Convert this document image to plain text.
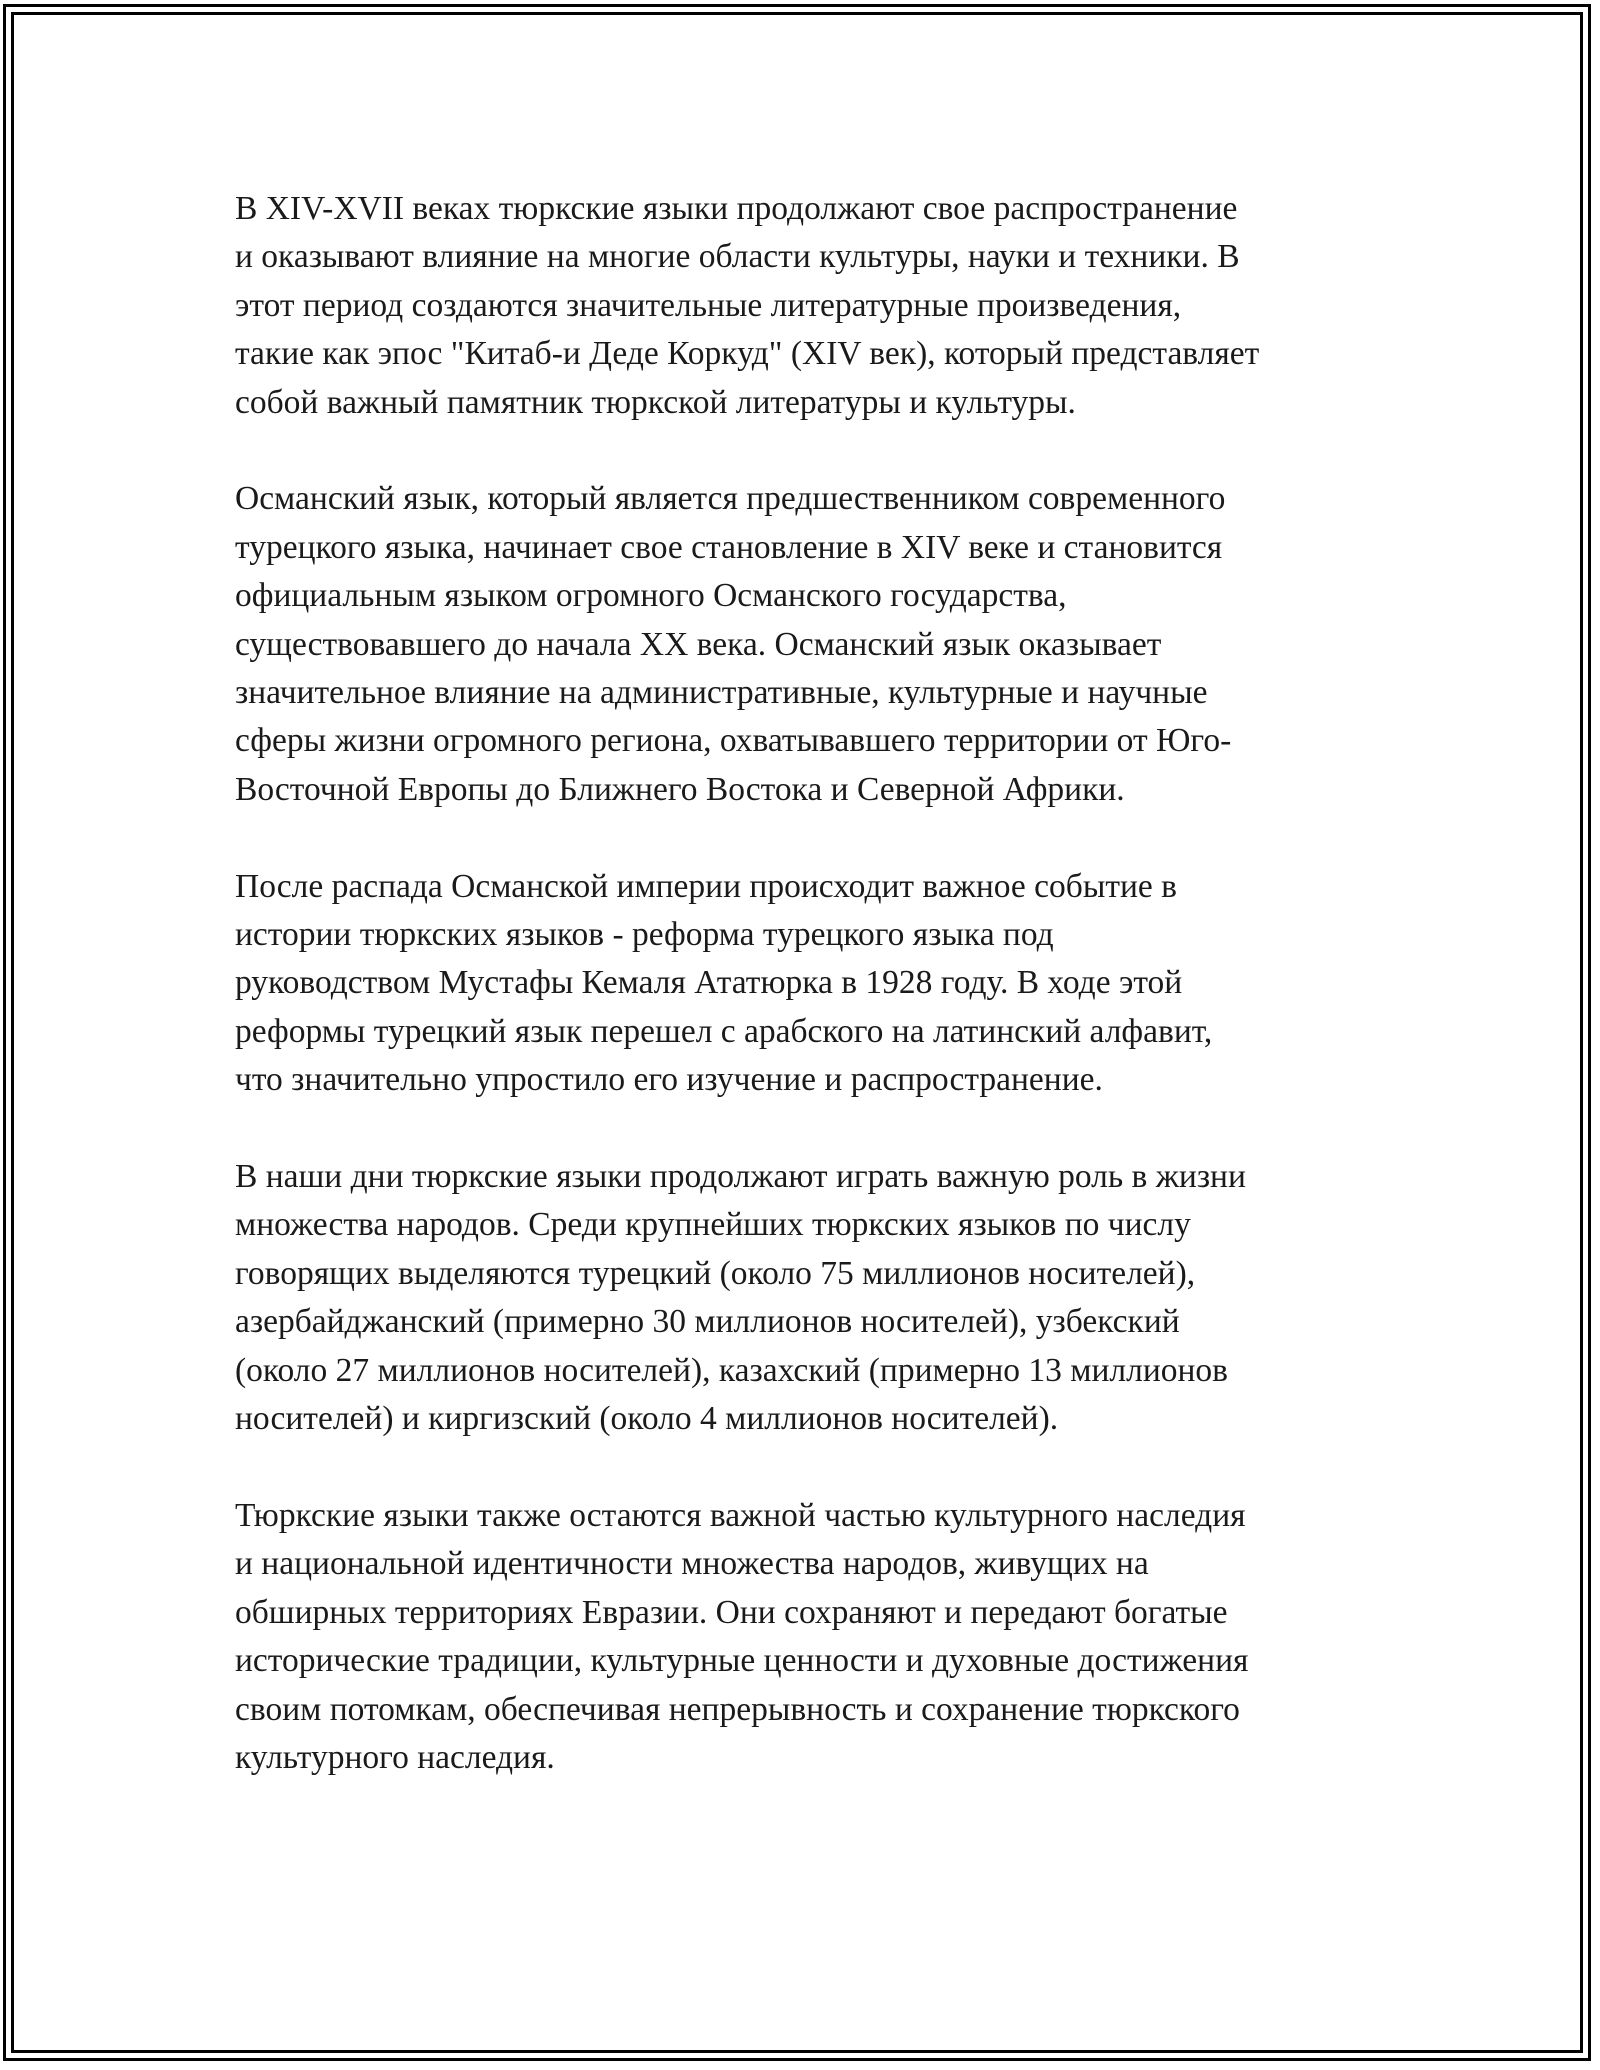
В XIV-XVII веках тюркские языки продолжают свое распространение
и оказывают влияние на многие области культуры, науки и техники. В
этот период создаются значительные литературные произведения,
такие как эпос "Китаб-и Деде Коркуд" (XIV век), который представляет
собой важный памятник тюркской литературы и культуры.

Османский язык, который является предшественником современного
турецкого языка, начинает свое становление в XIV веке и становится
официальным языком огромного Османского государства,
существовавшего до начала XX века. Османский язык оказывает
значительное влияние на административные, культурные и научные
сферы жизни огромного региона, охватывавшего территории от Юго-
Восточной Европы до Ближнего Востока и Северной Африки.

После распада Османской империи происходит важное событие в
истории тюркских языков - реформа турецкого языка под
руководством Мустафы Кемаля Ататюрка в 1928 году. В ходе этой
реформы турецкий язык перешел с арабского на латинский алфавит,
что значительно упростило его изучение и распространение.

В наши дни тюркские языки продолжают играть важную роль в жизни
множества народов. Среди крупнейших тюркских языков по числу
говорящих выделяются турецкий (около 75 миллионов носителей),
азербайджанский (примерно 30 миллионов носителей), узбекский
(около 27 миллионов носителей), казахский (примерно 13 миллионов
носителей) и киргизский (около 4 миллионов носителей).

Тюркские языки также остаются важной частью культурного наследия
и национальной идентичности множества народов, живущих на
обширных территориях Евразии. Они сохраняют и передают богатые
исторические традиции, культурные ценности и духовные достижения
своим потомкам, обеспечивая непрерывность и сохранение тюркского
культурного наследия.
